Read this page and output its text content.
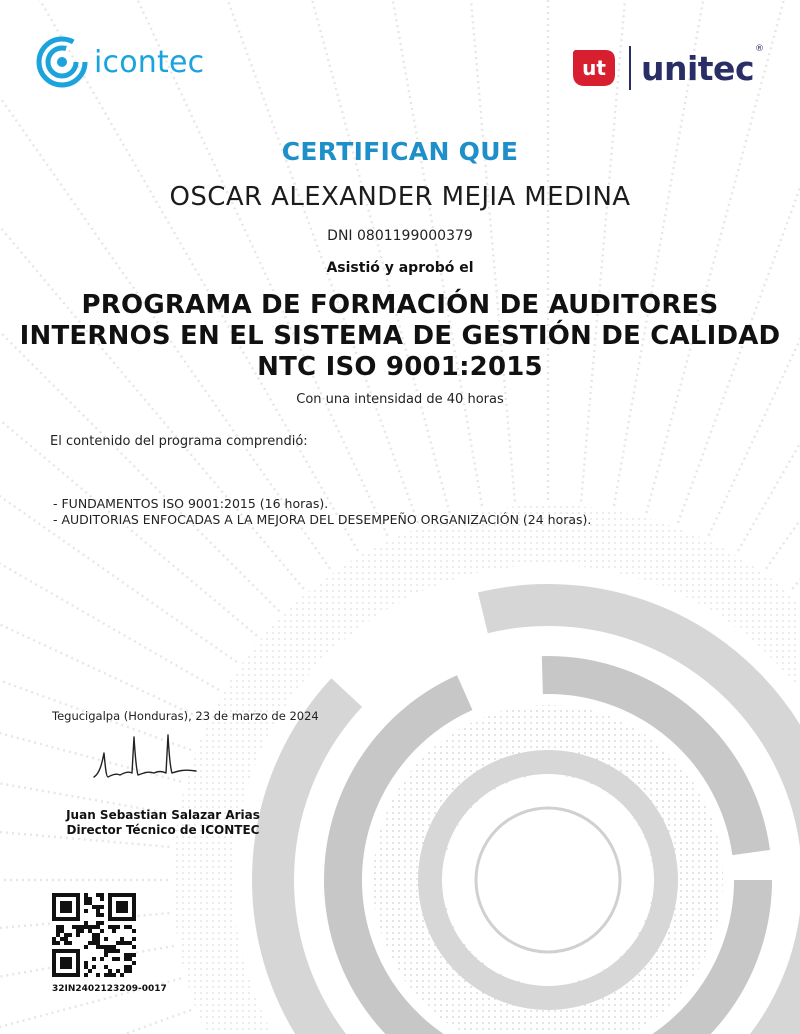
icontec	ut unitec ®
CERTIFICAN QUE
OSCAR ALEXANDER MEJIA MEDINA
DNI 0801199000379
Asistió y aprobó el
PROGRAMA DE FORMACIÓN DE AUDITORES
INTERNOS EN EL SISTEMA DE GESTIÓN DE CALIDAD
NTC ISO 9001:2015
Con una intensidad de 40 horas
El contenido del programa comprendió:
- FUNDAMENTOS ISO 9001:2015 (16 horas).
- AUDITORIAS ENFOCADAS A LA MEJORA DEL DESEMPEÑO ORGANIZACIÓN (24 horas).
Tegucigalpa (Honduras), 23 de marzo de 2024
Juan Sebastian Salazar Arias
Director Técnico de ICONTEC
32IN2402123209-0017
